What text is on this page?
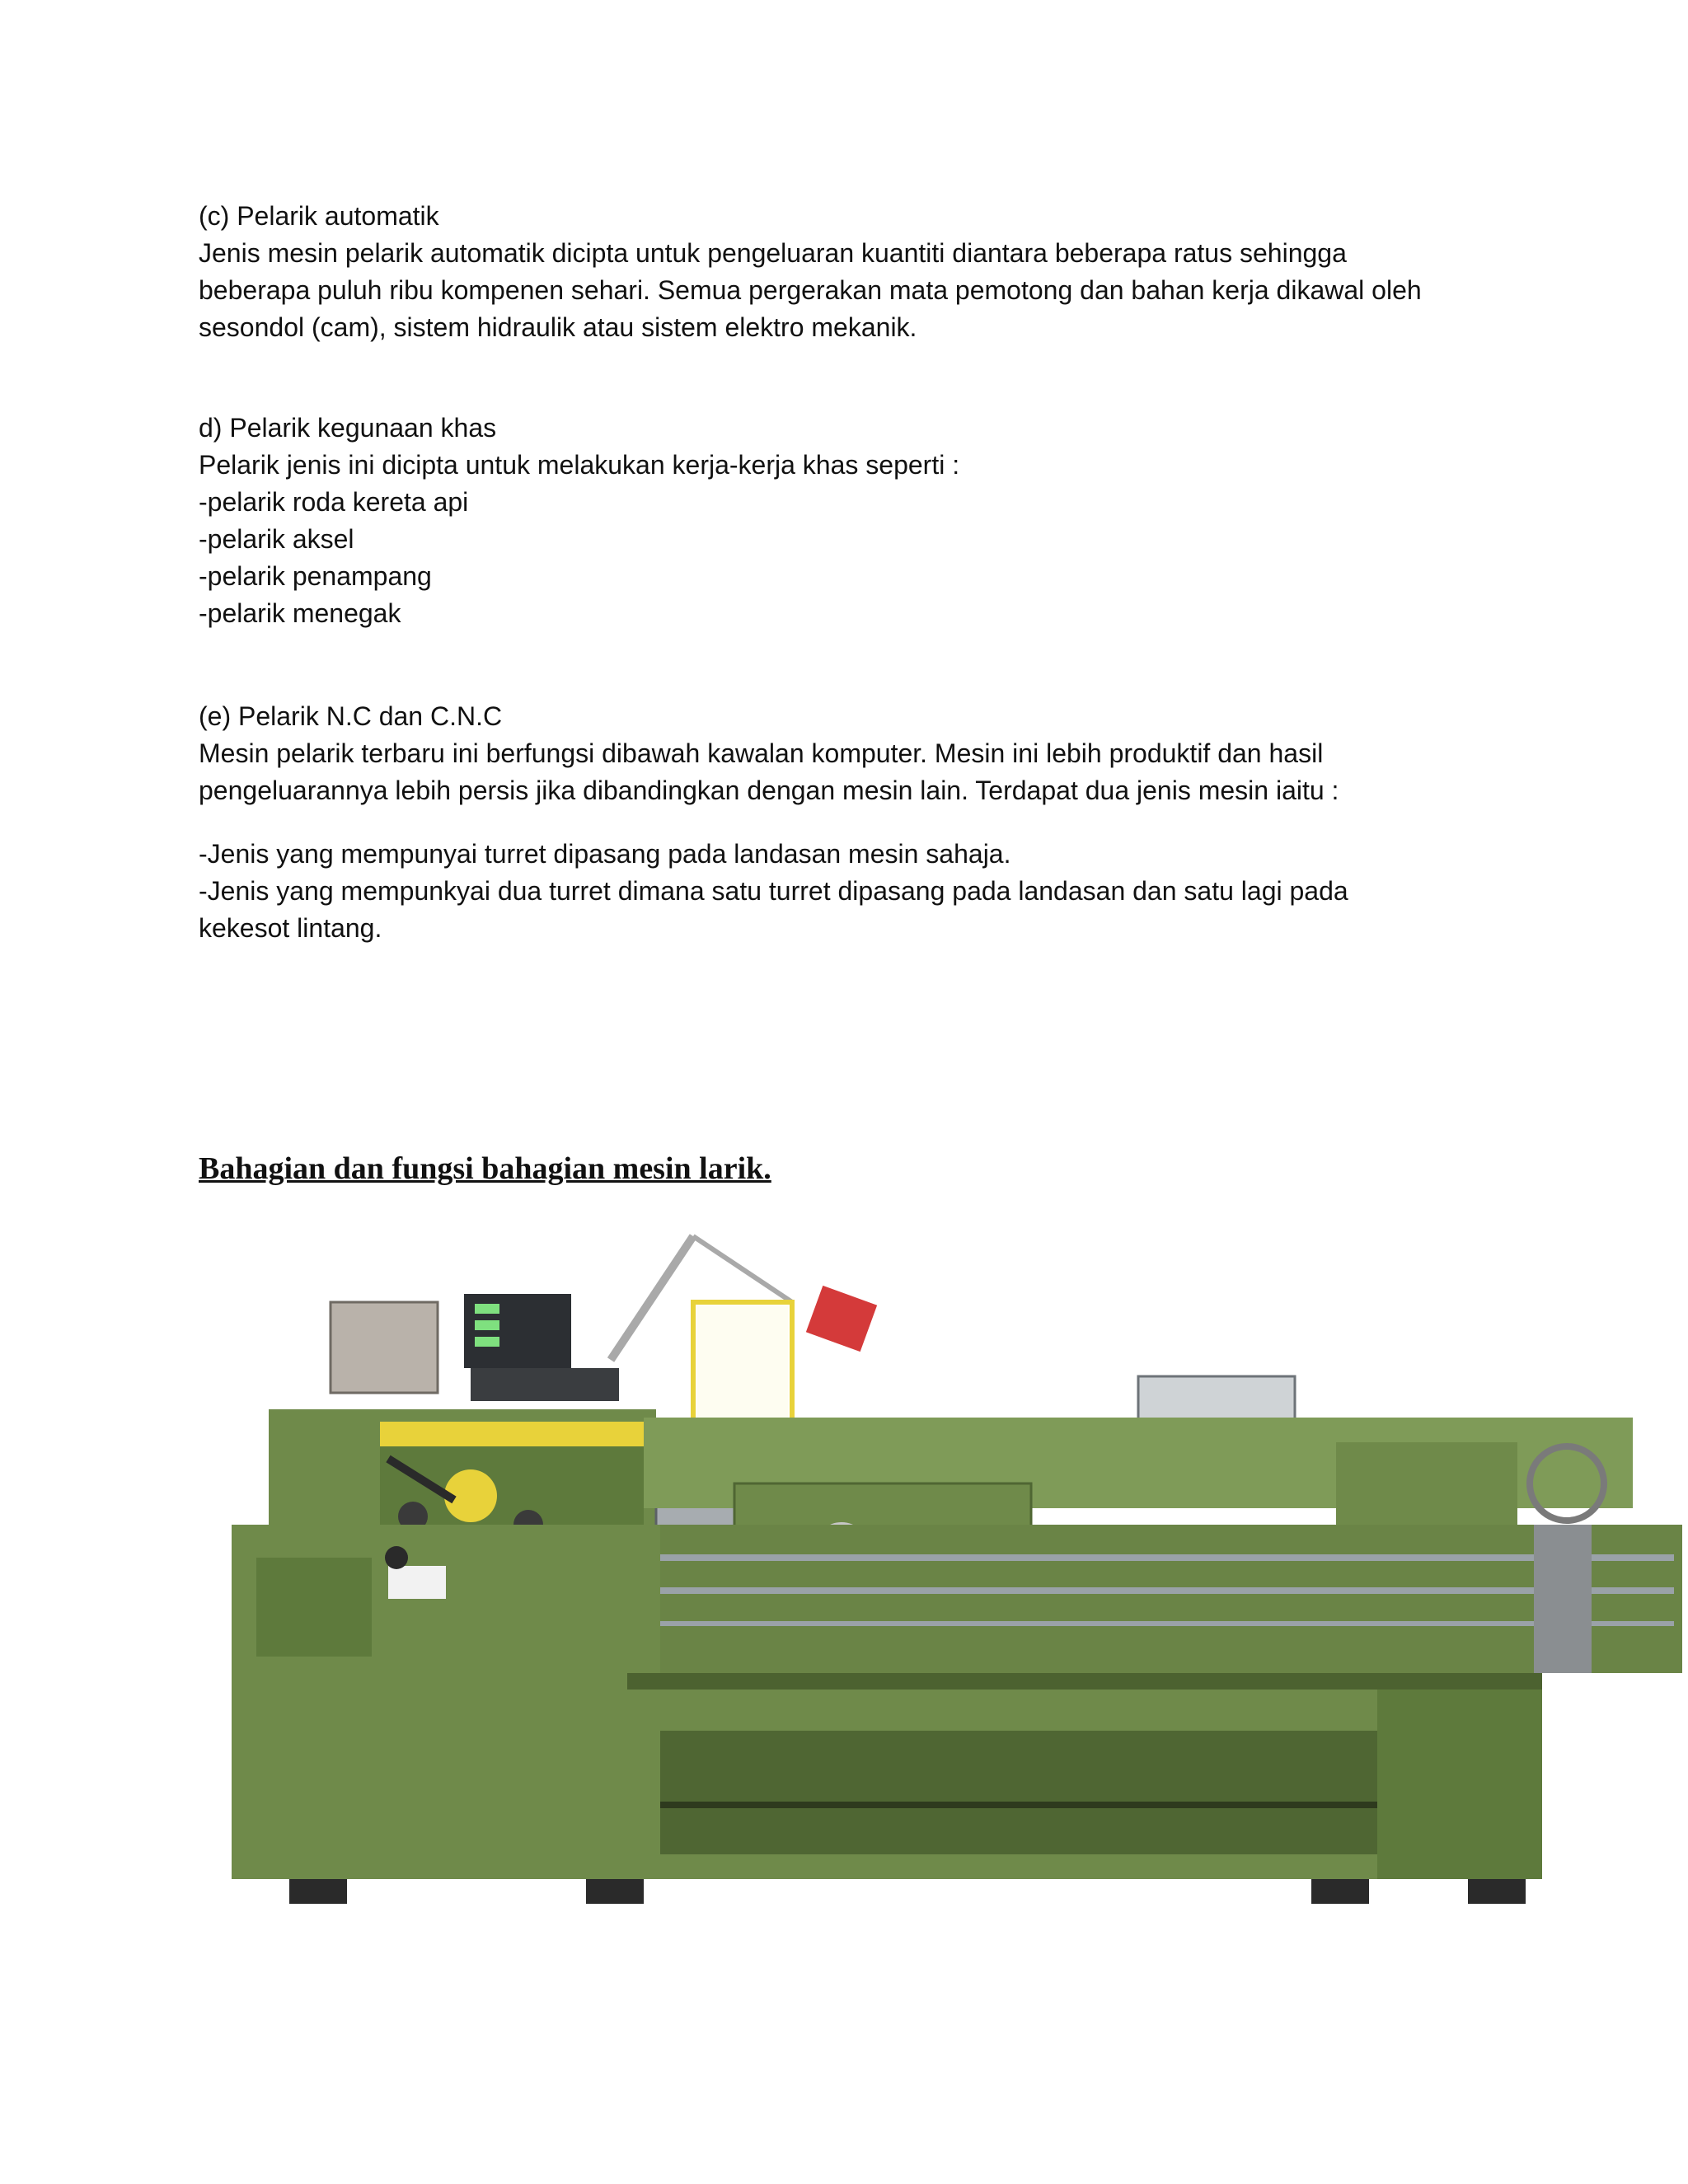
(c) Pelarik automatik

Jenis mesin pelarik automatik dicipta untuk pengeluaran kuantiti diantara beberapa ratus sehingga

beberapa puluh ribu kompenen sehari. Semua pergerakan mata pemotong dan bahan kerja dikawal oleh

sesondol (cam), sistem hidraulik atau sistem elektro mekanik.

d) Pelarik kegunaan khas

Pelarik jenis ini dicipta untuk melakukan kerja-kerja khas seperti :

-pelarik roda kereta api

-pelarik aksel

-pelarik penampang

-pelarik menegak

(e) Pelarik N.C dan C.N.C

Mesin pelarik terbaru ini berfungsi dibawah kawalan komputer. Mesin ini lebih produktif dan hasil

pengeluarannya lebih persis jika dibandingkan dengan mesin lain. Terdapat dua jenis mesin iaitu :

-Jenis yang mempunyai turret dipasang pada landasan mesin sahaja.

-Jenis yang mempunkyai dua turret dimana satu turret dipasang pada landasan dan satu lagi pada

kekesot lintang.

Bahagian dan fungsi bahagian mesin larik.
